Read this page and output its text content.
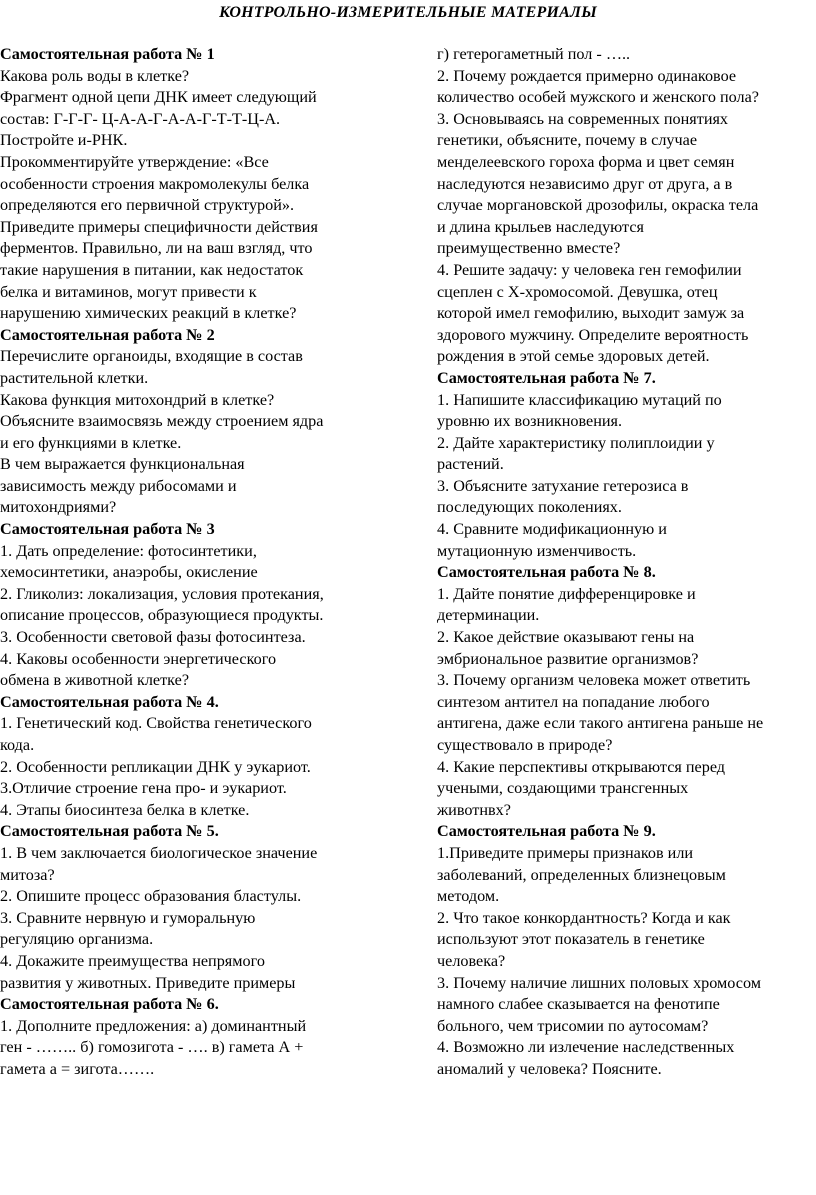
КОНТРОЛЬНО-ИЗМЕРИТЕЛЬНЫЕ МАТЕРИАЛЫ
Самостоятельная работа № 1
Какова роль воды в клетке?
Фрагмент одной цепи ДНК имеет следующий
состав: Г-Г-Г- Ц-А-А-Г-А-А-Г-Т-Т-Ц-А.
Постройте и-РНК.
Прокомментируйте утверждение: «Все
особенности строения макромолекулы белка
определяются его первичной структурой».
Приведите примеры специфичности действия
ферментов. Правильно, ли на ваш взгляд, что
такие нарушения в питании, как недостаток
белка и витаминов, могут привести к
нарушению химических реакций в клетке?
Самостоятельная работа № 2
Перечислите органоиды, входящие в состав
растительной клетки.
Какова функция митохондрий в клетке?
Объясните взаимосвязь между строением ядра
и его функциями в клетке.
В чем выражается функциональная
зависимость между рибосомами и
митохондриями?
Самостоятельная работа № 3
1. Дать определение: фотосинтетики,
хемосинтетики, анаэробы, окисление
2. Гликолиз: локализация, условия протекания,
описание процессов, образующиеся продукты.
3. Особенности световой фазы фотосинтеза.
4. Каковы особенности энергетического
обмена в животной клетке?
Самостоятельная работа № 4.
1. Генетический код. Свойства генетического
кода.
2. Особенности репликации ДНК у эукариот.
3.Отличие строение гена про- и эукариот.
4. Этапы биосинтеза белка в клетке.
Самостоятельная работа № 5.
1. В чем заключается биологическое значение
митоза?
2. Опишите процесс образования бластулы.
3. Сравните нервную и гуморальную
регуляцию организма.
4. Докажите преимущества непрямого
развития у животных. Приведите примеры
Самостоятельная работа № 6.
1. Дополните предложения: а) доминантный
ген - …….. б) гомозигота - …. в) гамета А +
гамета а = зигота…….
г) гетерогаметный пол - …..
2. Почему рождается примерно одинаковое
количество особей мужского и женского пола?
3. Основываясь на современных понятиях
генетики, объясните, почему в случае
менделеевского гороха форма и цвет семян
наследуются независимо друг от друга, а в
случае моргановской дрозофилы, окраска тела
и длина крыльев наследуются
преимущественно вместе?
4. Решите задачу: у человека ген гемофилии
сцеплен с Х-хромосомой. Девушка, отец
которой имел гемофилию, выходит замуж за
здорового мужчину. Определите вероятность
рождения в этой семье здоровых детей.
Самостоятельная работа № 7.
1. Напишите классификацию мутаций по
уровню их возникновения.
2. Дайте характеристику полиплоидии у
растений.
3. Объясните затухание гетерозиса в
последующих поколениях.
4. Сравните модификационную и
мутационную изменчивость.
Самостоятельная работа № 8.
1. Дайте понятие дифференцировке и
детерминации.
2. Какое действие оказывают гены на
эмбриональное развитие организмов?
3. Почему организм человека может ответить
синтезом антител на попадание любого
антигена, даже если такого антигена раньше не
существовало в природе?
4. Какие перспективы открываются перед
учеными, создающими трансгенных
животнвх?
Самостоятельная работа № 9.
1.Приведите примеры признаков или
заболеваний, определенных близнецовым
методом.
2. Что такое конкордантность? Когда и как
используют этот показатель в генетике
человека?
3. Почему наличие лишних половых хромосом
намного слабее сказывается на фенотипе
больного, чем трисомии по аутосомам?
4. Возможно ли излечение наследственных
аномалий у человека? Поясните.
